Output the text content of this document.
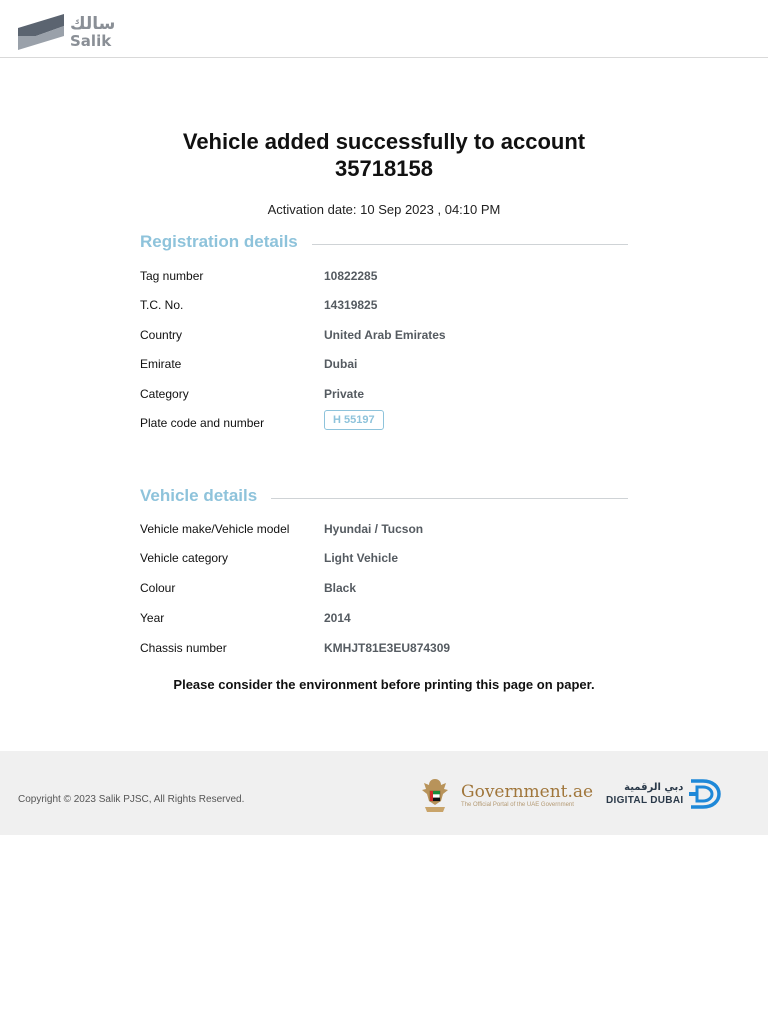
سالك
Salik
Vehicle added successfully to account
35718158
Activation date: 10 Sep 2023 , 04:10 PM
Registration details
Tag number	10822285
T.C. No.	14319825
Country	United Arab Emirates
Emirate	Dubai
Category	Private
Plate code and number	H 55197
Vehicle details
Vehicle make/Vehicle model	Hyundai / Tucson
Vehicle category	Light Vehicle
Colour	Black
Year	2014
Chassis number	KMHJT81E3EU874309
Please consider the environment before printing this page on paper.
Copyright © 2023 Salik PJSC, All Rights Reserved.	Government.ae
The Official Portal of the UAE Government
دبي الرقمية
DIGITAL DUBAI
